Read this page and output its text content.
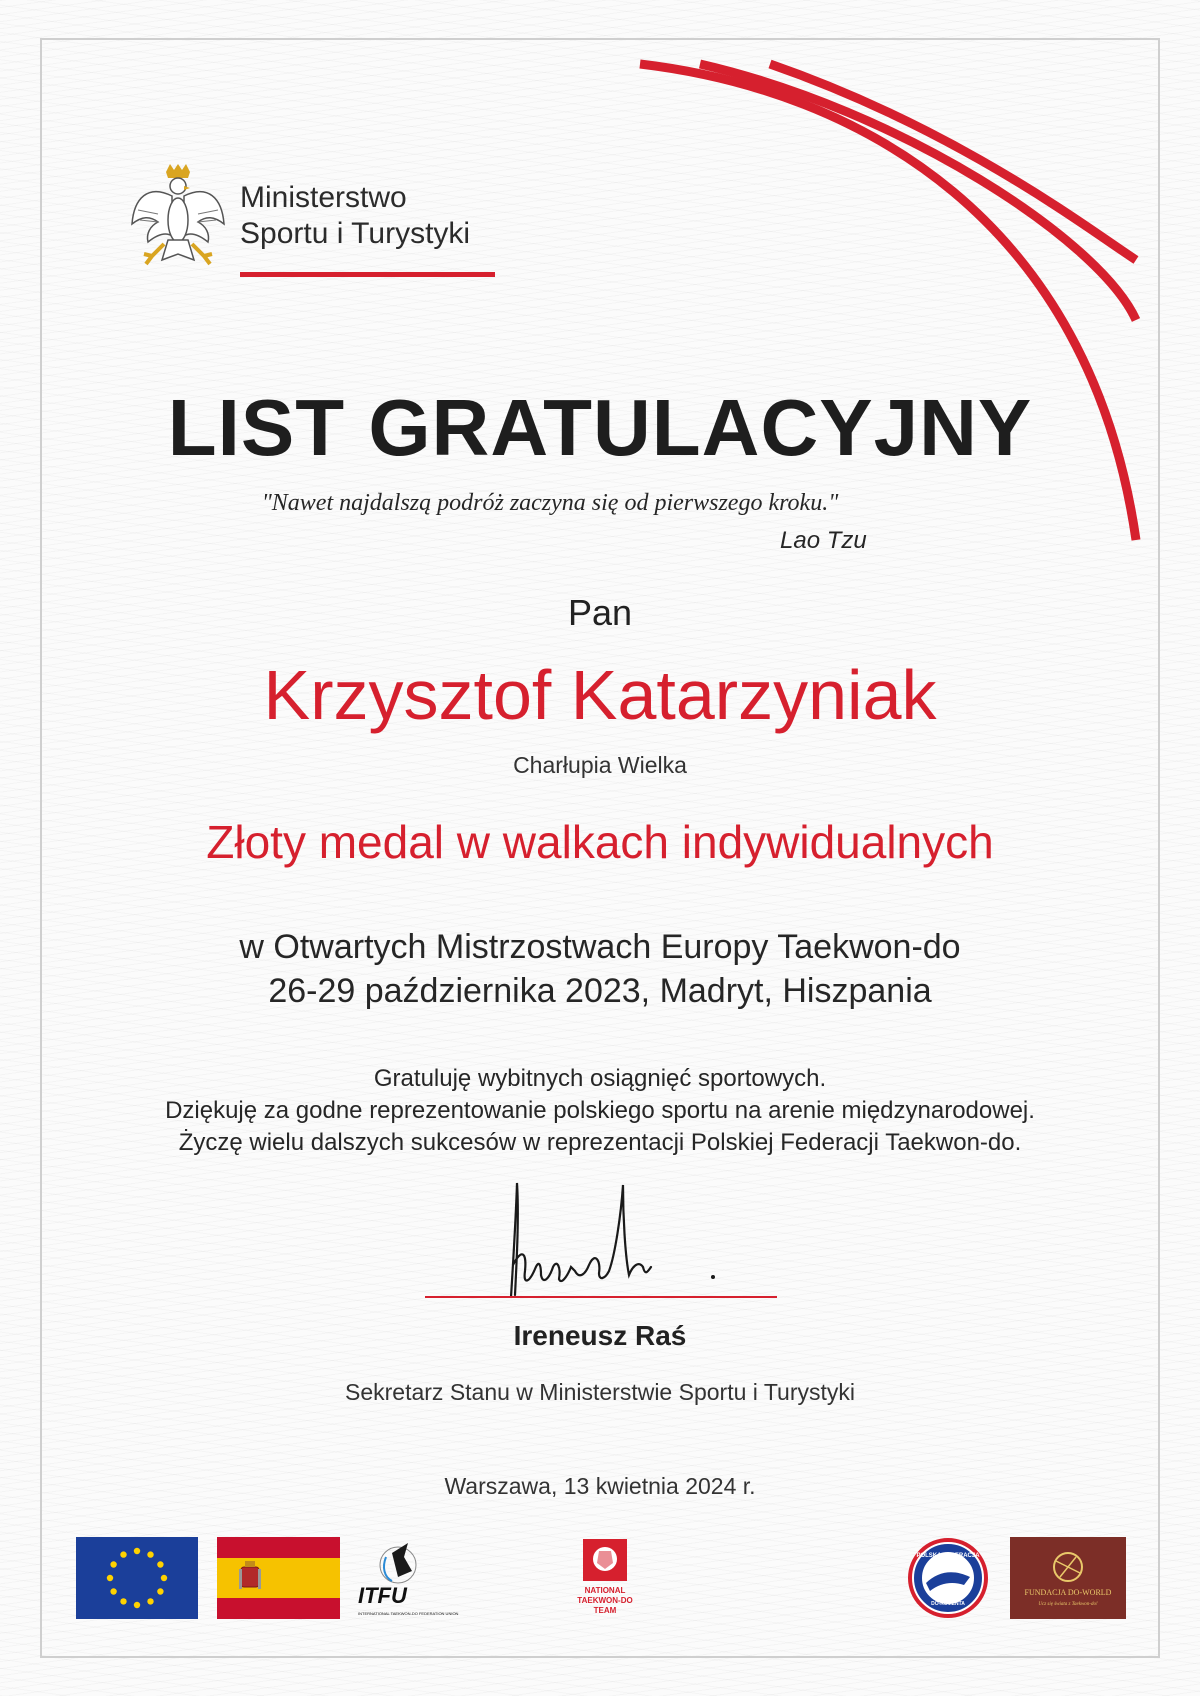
Ministerstwo
Sportu i Turystyki
LIST GRATULACYJNY
"Nawet najdalszą podróż zaczyna się od pierwszego kroku."
Lao Tzu
Pan
Krzysztof Katarzyniak
Charłupia Wielka
Złoty medal w walkach indywidualnych
w Otwartych Mistrzostwach Europy Taekwon-do
26-29 października 2023, Madryt, Hiszpania
Gratuluję wybitnych osiągnięć sportowych.
Dziękuję za godne reprezentowanie polskiego sportu na arenie międzynarodowej.
Życzę wielu dalszych sukcesów w reprezentacji Polskiej Federacji Taekwon-do.
Ireneusz Raś
Sekretarz Stanu w Ministerstwie Sportu i Turystyki
Warszawa, 13 kwietnia 2024 r.
ITFU
INTERNATIONAL TAEKWON-DO FEDERATION UNION
NATIONAL
TAEKWON-DO
TEAM
POLSKA FEDERACJA
DO-KUMENTA
FUNDACJA DO-WORLD
Ucz się świata z Taekwon-do!
